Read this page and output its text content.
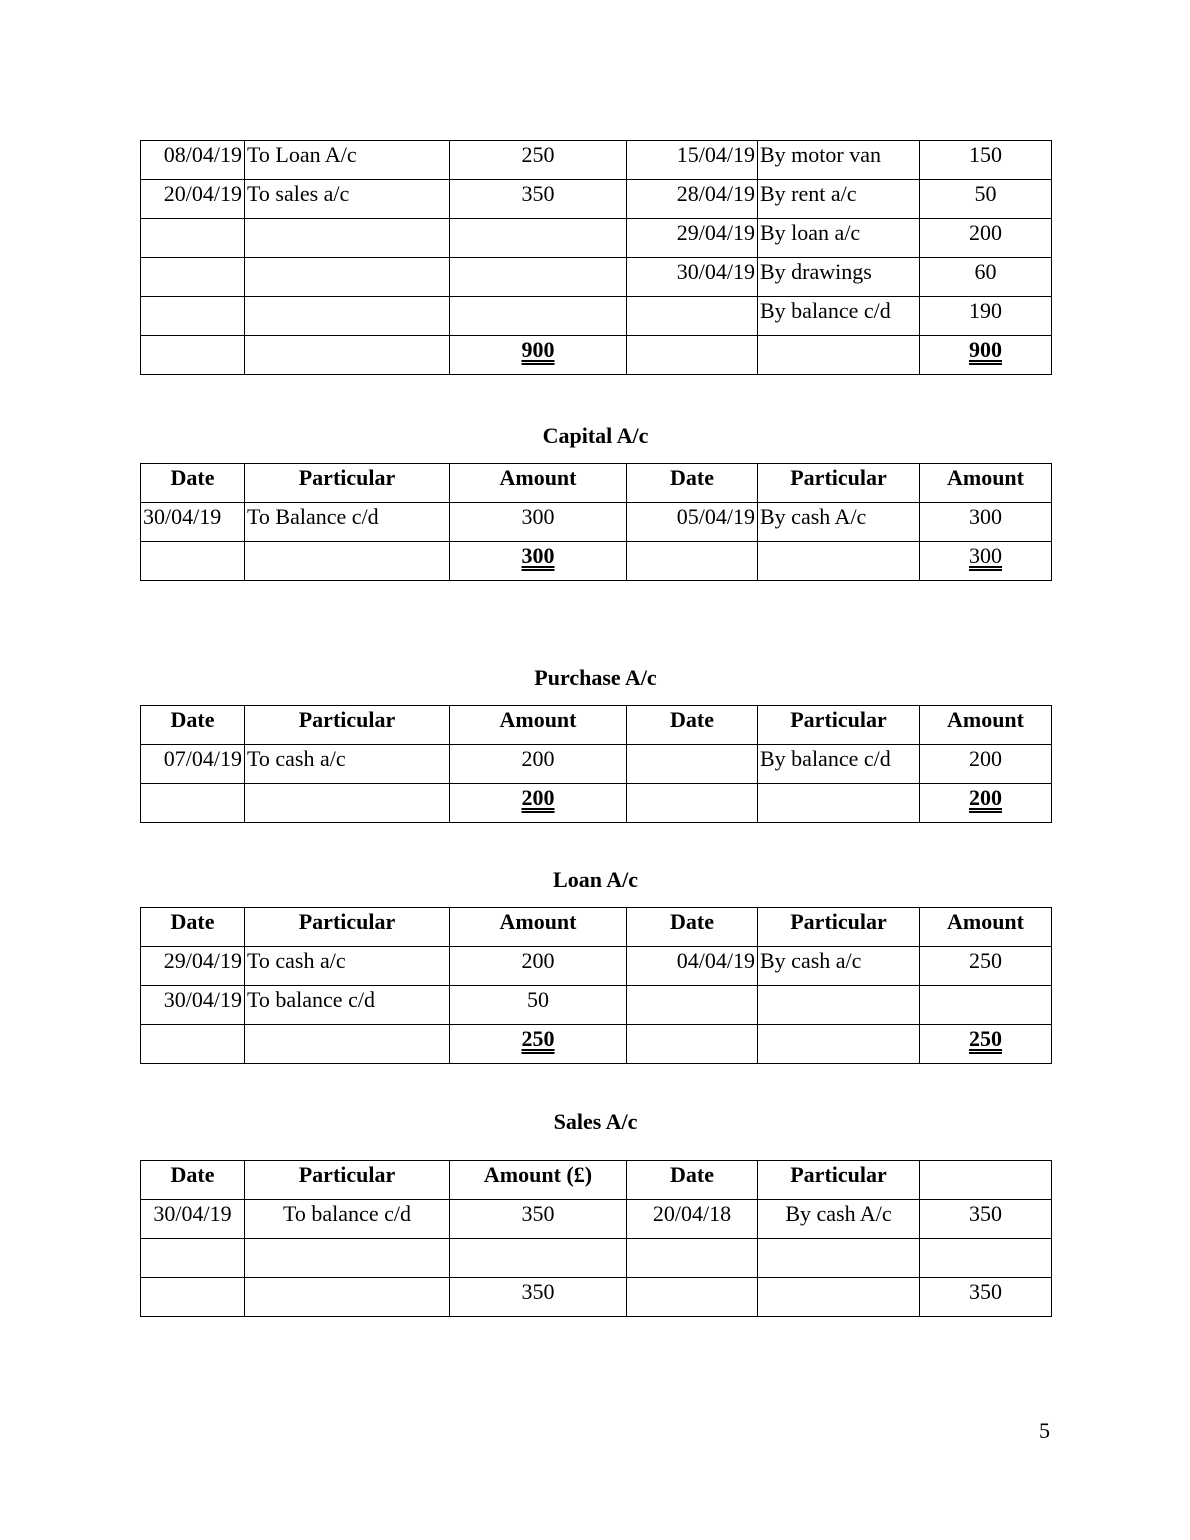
08/04/19	To Loan A/c	250	15/04/19	By motor van	150
20/04/19	To sales a/c	350	28/04/19	By rent a/c	50
			29/04/19	By loan a/c	200
			30/04/19	By drawings	60
				By balance c/d	190
		900			900
Capital A/c
Date	Particular	Amount	Date	Particular	Amount
30/04/19	To Balance c/d	300	05/04/19	By cash A/c	300
		300			300
Purchase A/c
Date	Particular	Amount	Date	Particular	Amount
07/04/19	To cash a/c	200		By balance c/d	200
		200			200
Loan A/c
Date	Particular	Amount	Date	Particular	Amount
29/04/19	To cash a/c	200	04/04/19	By cash a/c	250
30/04/19	To balance c/d	50			
		250			250
Sales A/c
Date	Particular	Amount (£)	Date	Particular	
30/04/19	To balance c/d	350	20/04/18	By cash A/c	350

		350			350
5
